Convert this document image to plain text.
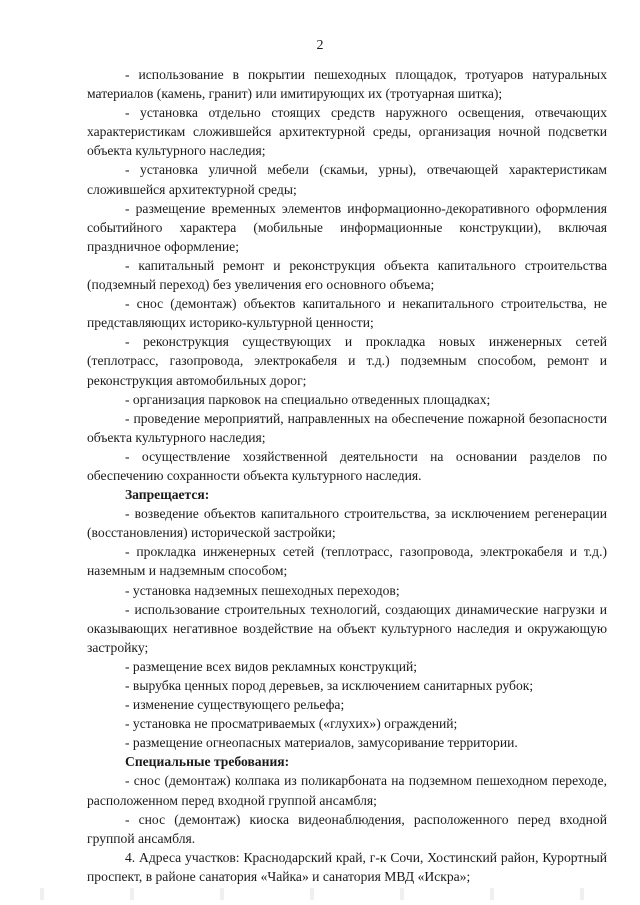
2

- использование в покрытии пешеходных площадок, тротуаров натуральных материалов (камень, гранит) или имитирующих их (тротуарная шитка);

- установка отдельно стоящих средств наружного освещения, отвечающих характеристикам сложившейся архитектурной среды, организация ночной подсветки объекта культурного наследия;

- установка уличной мебели (скамьи, урны), отвечающей характеристикам сложившейся архитектурной среды;

- размещение временных элементов информационно-декоративного оформления событийного характера (мобильные информационные конструкции), включая праздничное оформление;

- капитальный ремонт и реконструкция объекта капитального строительства (подземный переход) без увеличения его основного объема;

- снос (демонтаж) объектов капитального и некапитального строительства, не представляющих историко-культурной ценности;

- реконструкция существующих и прокладка новых инженерных сетей (теплотрасс, газопровода, электрокабеля и т.д.) подземным способом, ремонт и реконструкция автомобильных дорог;

- организация парковок на специально отведенных площадках;

- проведение мероприятий, направленных на обеспечение пожарной безопасности объекта культурного наследия;

- осуществление хозяйственной деятельности на основании разделов по обеспечению сохранности объекта культурного наследия.

Запрещается:

- возведение объектов капитального строительства, за исключением регенерации (восстановления) исторической застройки;

- прокладка инженерных сетей (теплотрасс, газопровода, электрокабеля и т.д.) наземным и надземным способом;

- установка надземных пешеходных переходов;

- использование строительных технологий, создающих динамические нагрузки и оказывающих негативное воздействие на объект культурного наследия и окружающую застройку;

- размещение всех видов рекламных конструкций;

- вырубка ценных пород деревьев, за исключением санитарных рубок;

- изменение существующего рельефа;

- установка не просматриваемых («глухих») ограждений;

- размещение огнеопасных материалов, замусоривание территории.

Специальные требования:

- снос (демонтаж) колпака из поликарбоната на подземном пешеходном переходе, расположенном перед входной группой ансамбля;

- снос (демонтаж) киоска видеонаблюдения, расположенного перед входной группой ансамбля.

4. Адреса участков: Краснодарский край, г-к Сочи, Хостинский район, Курортный проспект, в районе санатория «Чайка» и санатория МВД «Искра»;
